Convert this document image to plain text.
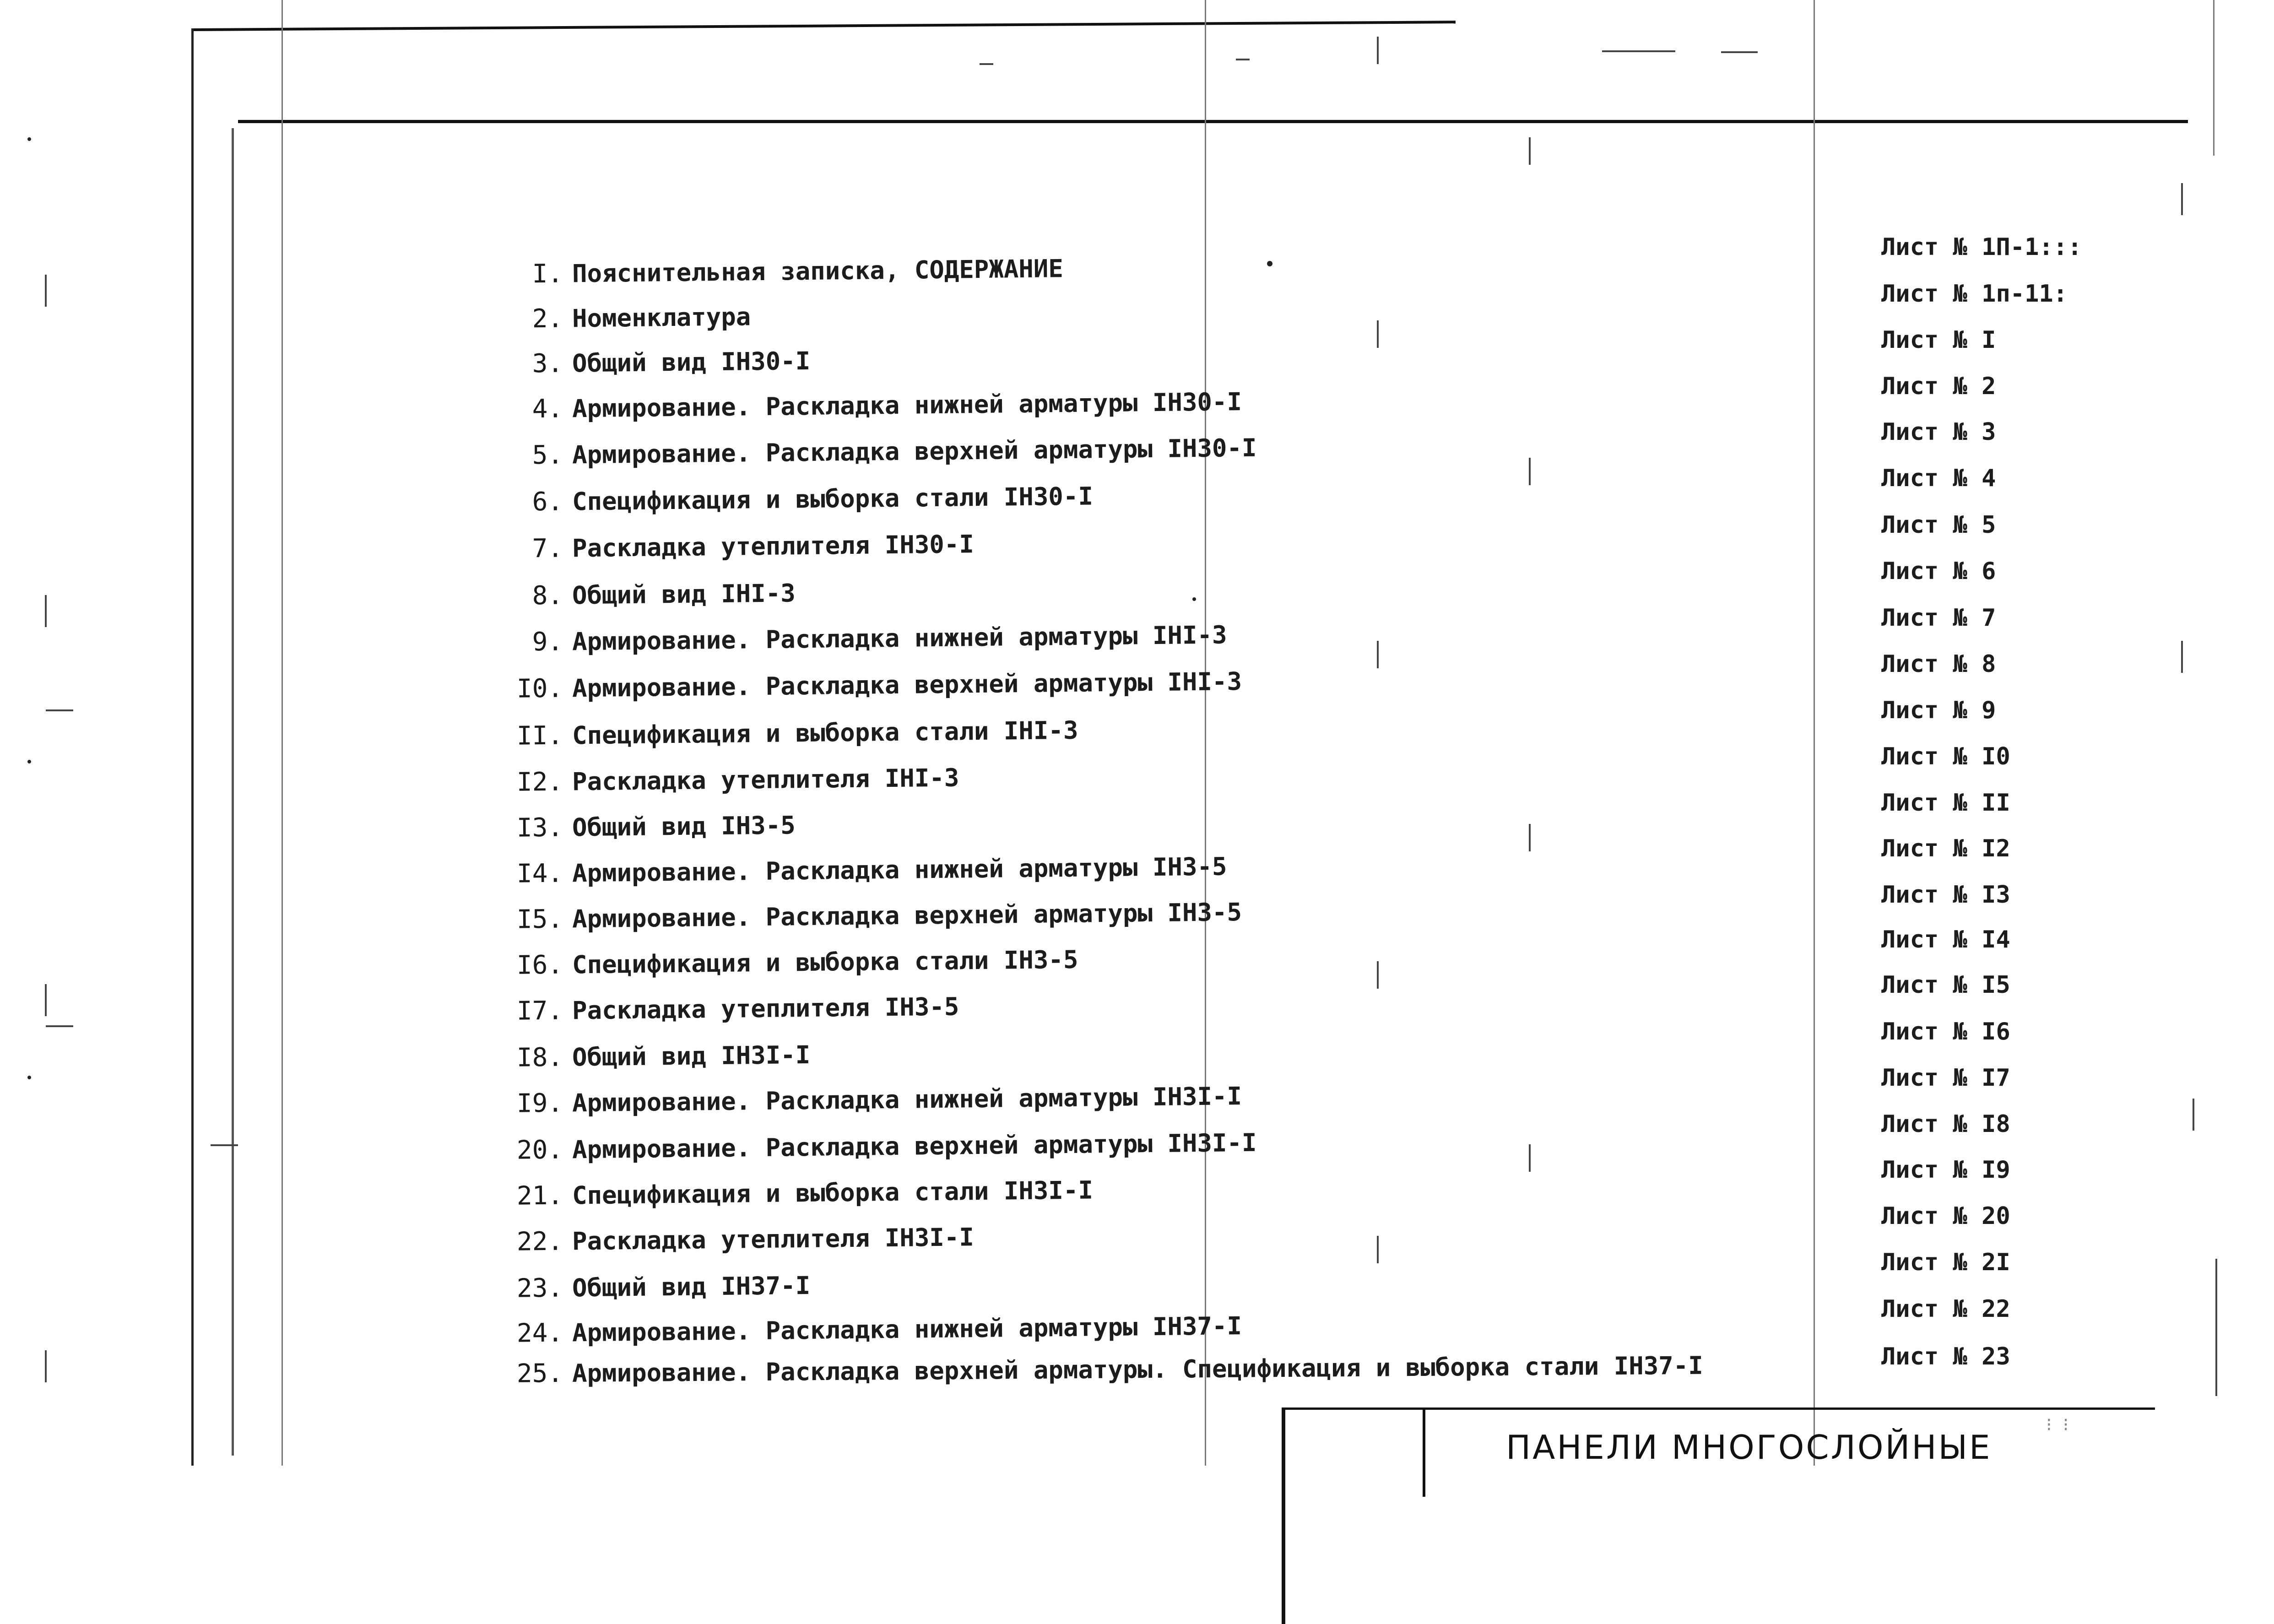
I. Пояснительная записка, СОДЕРЖАНИЕ
2. Номенклатура
3. Общий вид IН30-I
4. Армирование. Раскладка нижней арматуры IН30-I
5. Армирование. Раскладка верхней арматуры IН30-I
6. Спецификация и выборка стали IН30-I
7. Раскладка утеплителя IН30-I
8. Общий вид IНI-3
9. Армирование. Раскладка нижней арматуры IНI-3
I0. Армирование. Раскладка верхней арматуры IНI-3
II. Спецификация и выборка стали IНI-3
I2. Раскладка утеплителя IНI-3
I3. Общий вид IН3-5
I4. Армирование. Раскладка нижней арматуры IН3-5
I5. Армирование. Раскладка верхней арматуры IН3-5
I6. Спецификация и выборка стали IН3-5
I7. Раскладка утеплителя IН3-5
I8. Общий вид IН3I-I
I9. Армирование. Раскладка нижней арматуры IН3I-I
20. Армирование. Раскладка верхней арматуры IН3I-I
21. Спецификация и выборка стали IН3I-I
22. Раскладка утеплителя IН3I-I
23. Общий вид IН37-I
24. Армирование. Раскладка нижней арматуры IН37-I
25. Армирование. Раскладка верхней арматуры. Спецификация и выборка стали IН37-I
Лист № 1П-1:::
Лист № 1п-11:
Лист № I
Лист № 2
Лист № 3
Лист № 4
Лист № 5
Лист № 6
Лист № 7
Лист № 8
Лист № 9
Лист № I0
Лист № II
Лист № I2
Лист № I3
Лист № I4
Лист № I5
Лист № I6
Лист № I7
Лист № I8
Лист № I9
Лист № 20
Лист № 2I
Лист № 22
Лист № 23
ПАНЕЛИ МНОГОСЛОЙНЫЕ
⁝ ⁝
